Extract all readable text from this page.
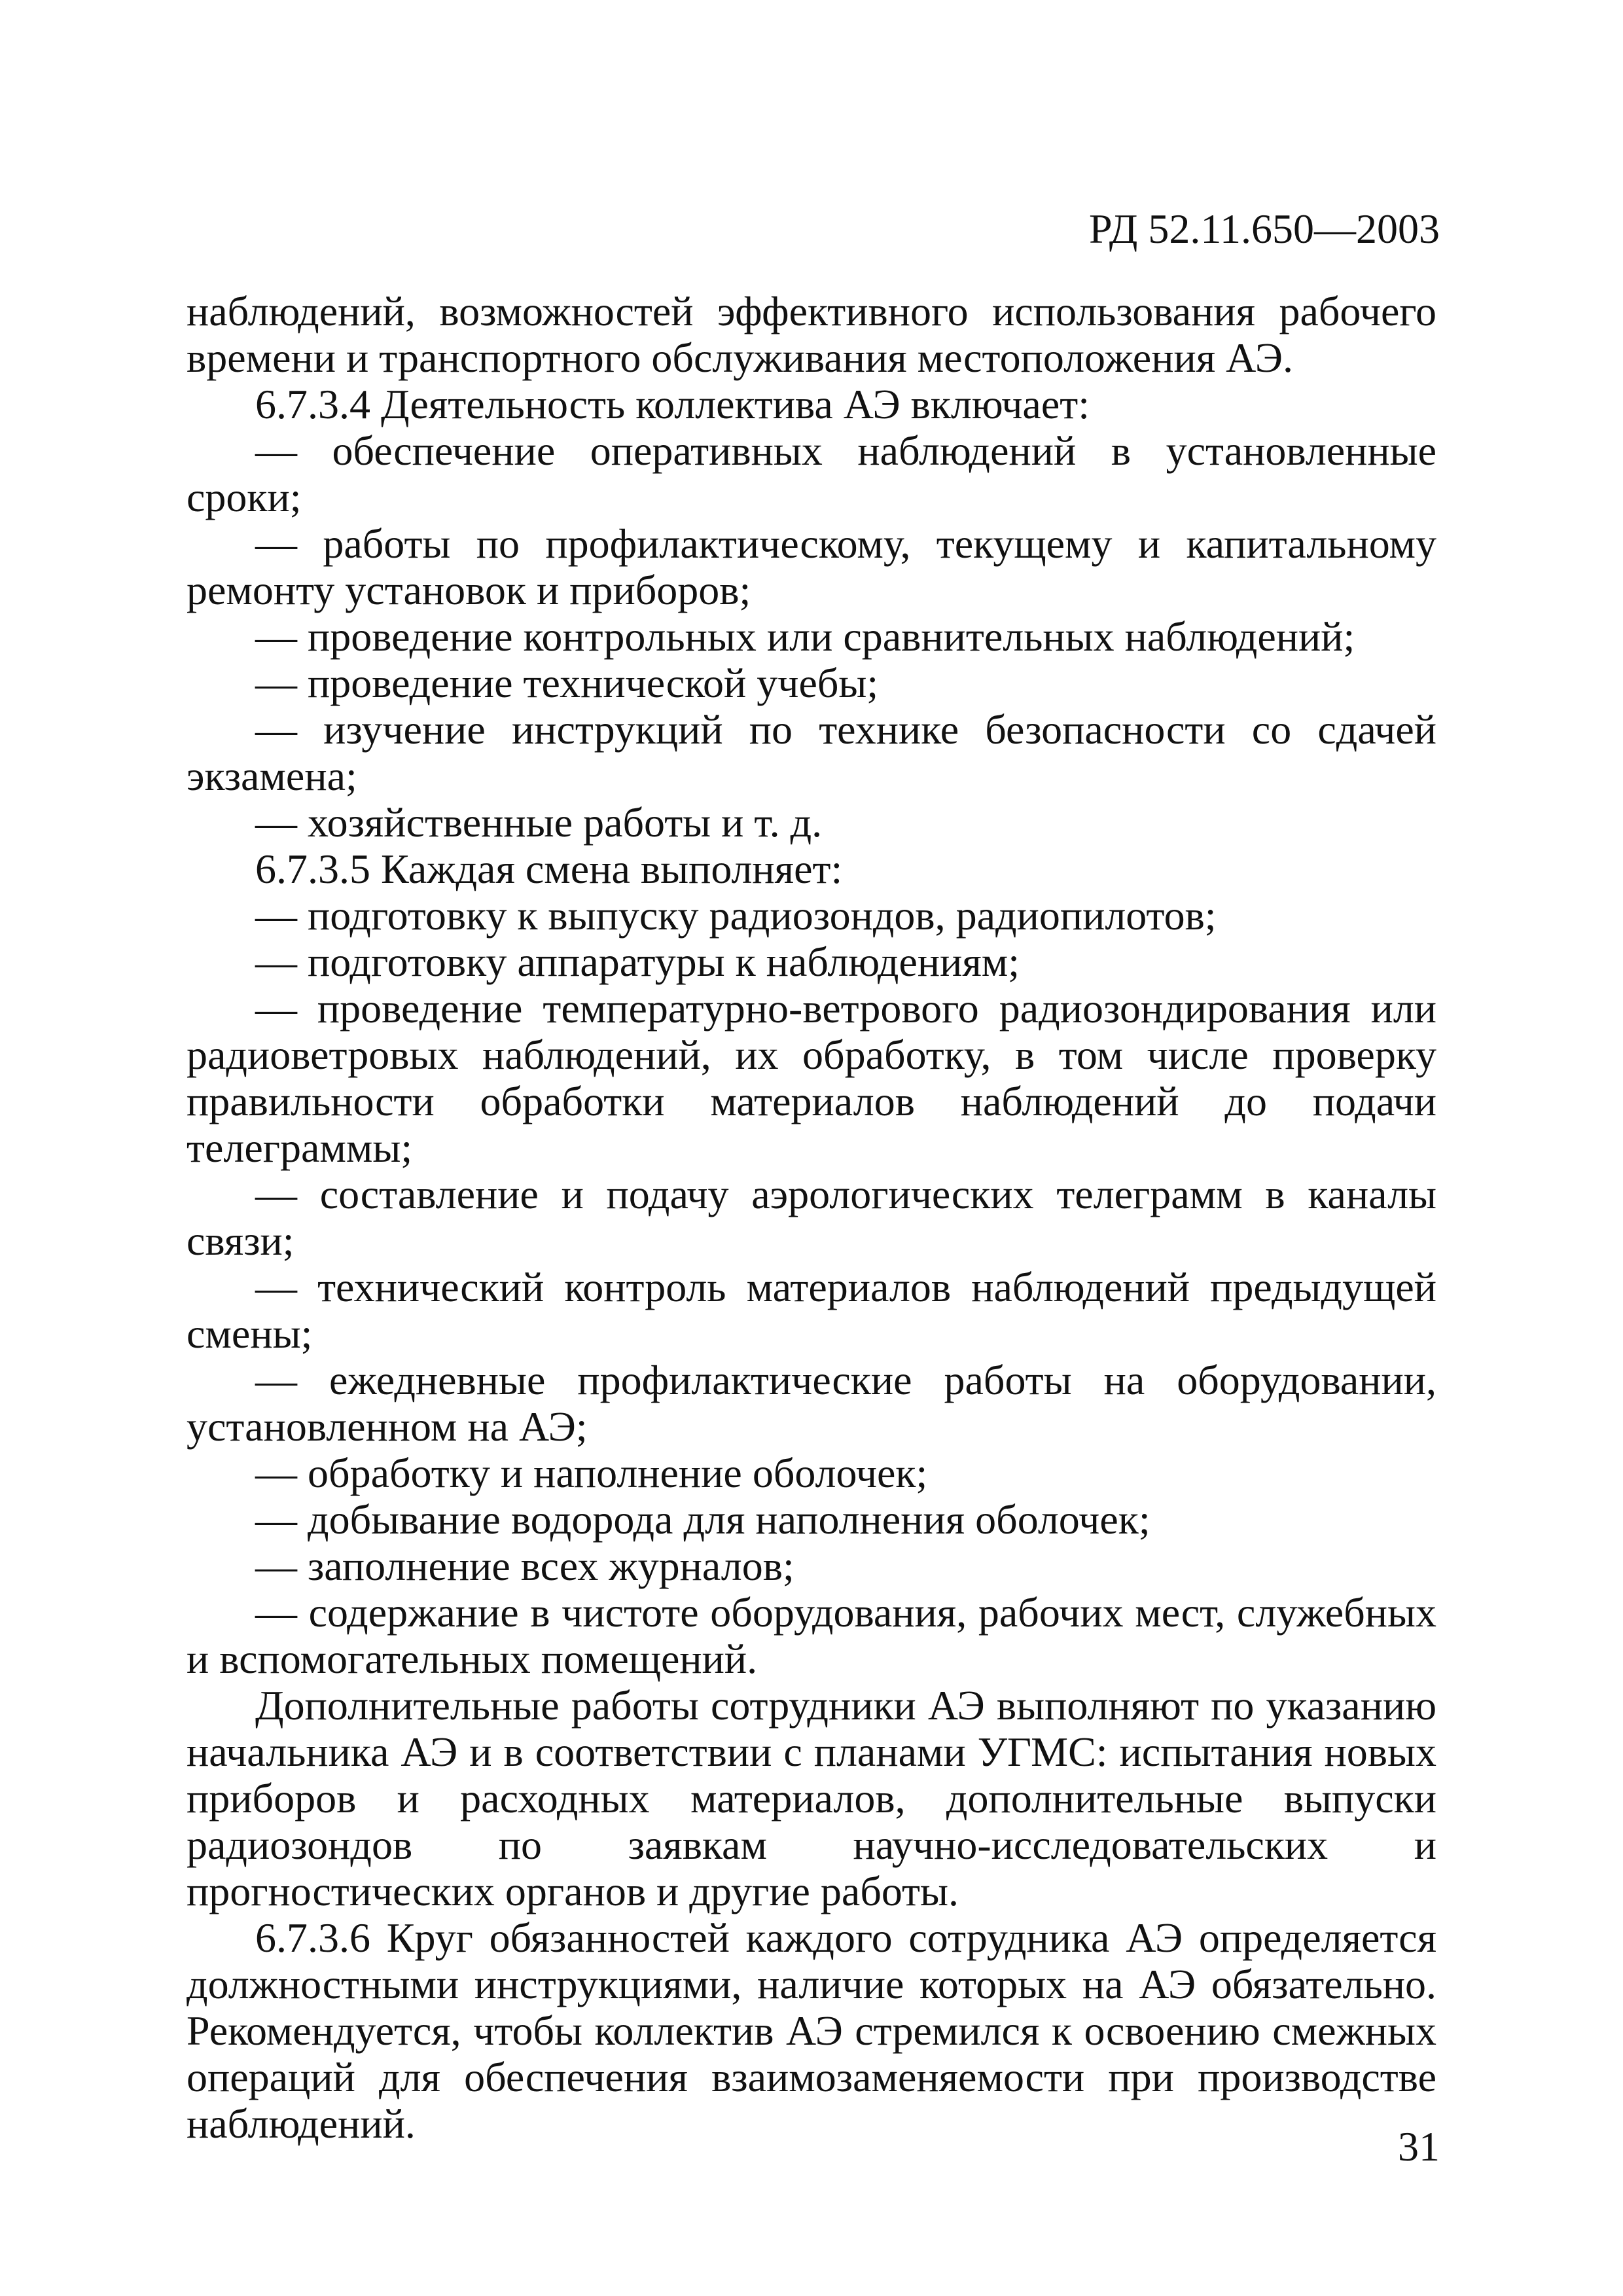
РД 52.11.650—2003

наблюдений, возможностей эффективного использования рабочего времени и транспортного обслуживания местоположения АЭ.

6.7.3.4 Деятельность коллектива АЭ включает:

— обеспечение оперативных наблюдений в установленные сроки;

— работы по профилактическому, текущему и капитальному ремонту установок и приборов;

— проведение контрольных или сравнительных наблюдений;

— проведение технической учебы;

— изучение инструкций по технике безопасности со сдачей экзамена;

— хозяйственные работы и т. д.

6.7.3.5 Каждая смена выполняет:

— подготовку к выпуску радиозондов, радиопилотов;

— подготовку аппаратуры к наблюдениям;

— проведение температурно-ветрового радиозондирования или радиоветровых наблюдений, их обработку, в том числе проверку правильности обработки материалов наблюдений до подачи телеграммы;

— составление и подачу аэрологических телеграмм в каналы связи;

— технический контроль материалов наблюдений предыдущей смены;

— ежедневные профилактические работы на оборудовании, установленном на АЭ;

— обработку и наполнение оболочек;

— добывание водорода для наполнения оболочек;

— заполнение всех журналов;

— содержание в чистоте оборудования, рабочих мест, служебных и вспомогательных помещений.

Дополнительные работы сотрудники АЭ выполняют по указанию начальника АЭ и в соответствии с планами УГМС: испытания новых приборов и расходных материалов, дополнительные выпуски радиозондов по заявкам научно-исследовательских и прогностических органов и другие работы.

6.7.3.6 Круг обязанностей каждого сотрудника АЭ определяется должностными инструкциями, наличие которых на АЭ обязательно. Рекомендуется, чтобы коллектив АЭ стремился к освоению смежных операций для обеспечения взаимозаменяемости при производстве наблюдений.	31
